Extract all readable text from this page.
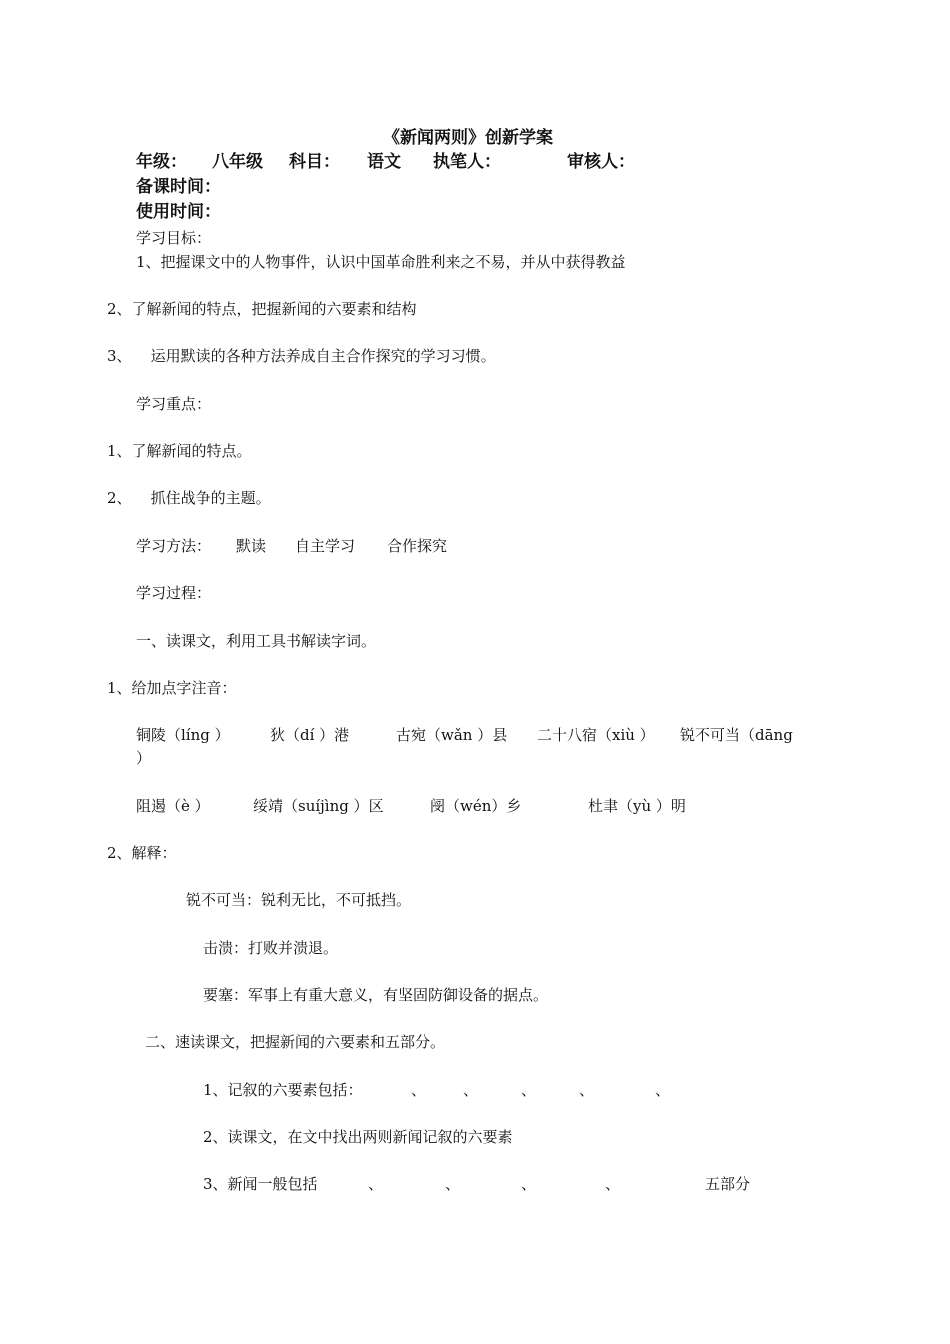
《新闻两则》创新学案
年级： 八年级 科目： 语文 执笔人：	审核人：
备课时间：
使用时间：
学习目标：
1、把握课文中的人物事件，认识中国革命胜利来之不易，并从中获得教益
2、了解新闻的特点，把握新闻的六要素和结构
3、    运用默读的各种方法养成自主合作探究的学习习惯。
学习重点：
1、了解新闻的特点。
2、    抓住战争的主题。
学习方法： 默读 自主学习 合作探究
学习过程：
一、读课文，利用工具书解读字词。
1、给加点字注音：
铜陵（líng ）	狄（dí ）港	古宛（wǎn ）县 二十八宿（xiù ） 锐不可当（dāng
）
阻遏（è ）	绥靖（suíjìng ）区	阌（wén）乡	杜聿（yù ）明
2、解释：
锐不可当：锐利无比，不可抵挡。
击溃：打败并溃退。
要塞：军事上有重大意义，有坚固防御设备的据点。
二、速读课文，把握新闻的六要素和五部分。
1、记叙的六要素包括：	、 、	、	、	、
2、读课文，在文中找出两则新闻记叙的六要素
3、新闻一般包括	、	、	、	、	五部分
